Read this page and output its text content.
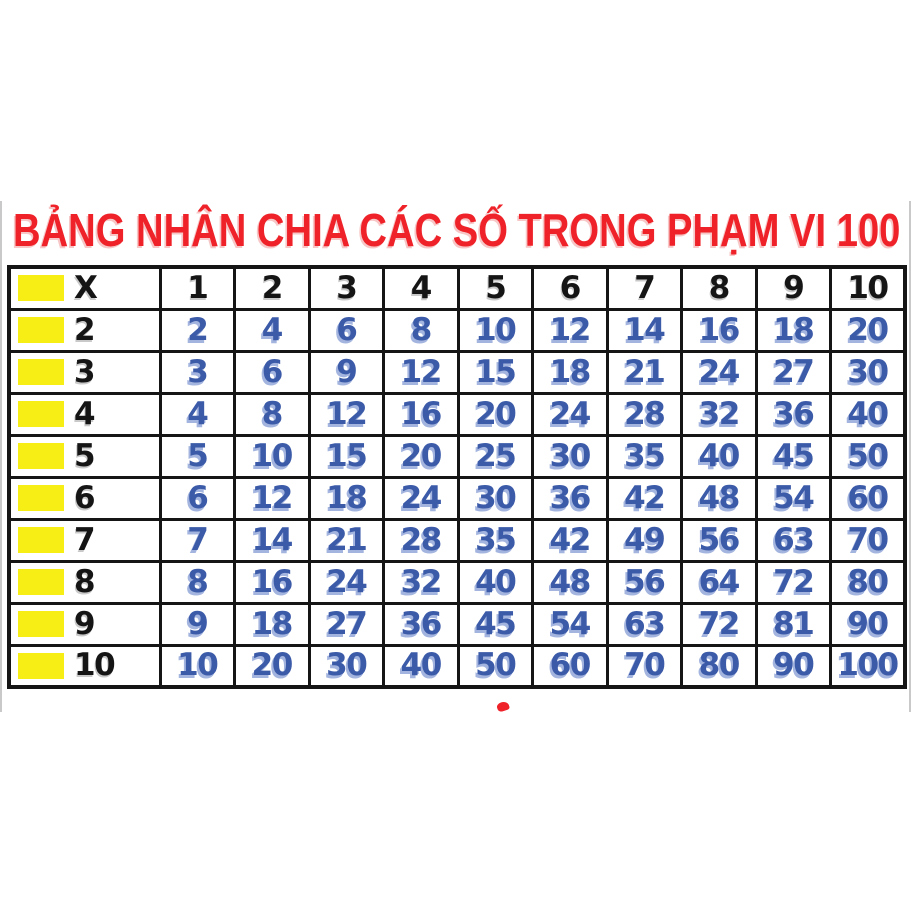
BẢNG NHÂN CHIA CÁC SỐ TRONG PHẠM VI 100
X	1	2	3	4	5	6	7	8	9	10
2	2	4	6	8	10	12	14	16	18	20
3	3	6	9	12	15	18	21	24	27	30
4	4	8	12	16	20	24	28	32	36	40
5	5	10	15	20	25	30	35	40	45	50
6	6	12	18	24	30	36	42	48	54	60
7	7	14	21	28	35	42	49	56	63	70
8	8	16	24	32	40	48	56	64	72	80
9	9	18	27	36	45	54	63	72	81	90
10	10	20	30	40	50	60	70	80	90	100
